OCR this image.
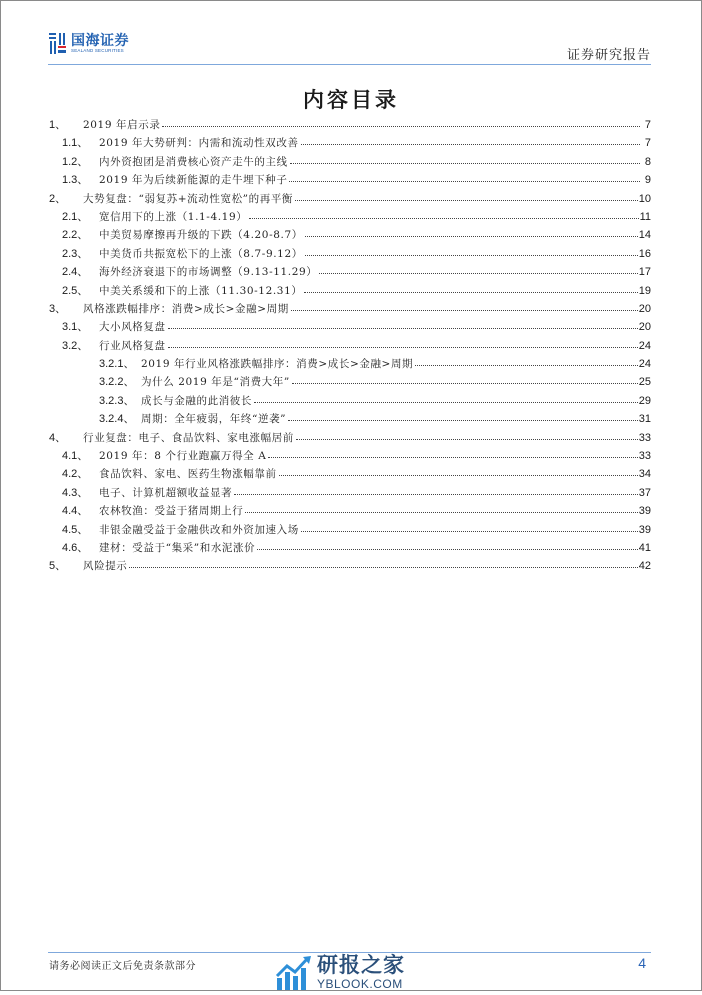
国海证券
SEALAND SECURITIES	证券研究报告
内容目录
1、	2019 年启示录	7
1.1、	2019 年大势研判：内需和流动性双改善	7
1.2、	内外资抱团是消费核心资产走牛的主线	8
1.3、	2019 年为后续新能源的走牛埋下种子	9
2、	大势复盘：“弱复苏+流动性宽松”的再平衡	10
2.1、	宽信用下的上涨（1.1-4.19）	11
2.2、	中美贸易摩擦再升级的下跌（4.20-8.7）	14
2.3、	中美货币共振宽松下的上涨（8.7-9.12）	16
2.4、	海外经济衰退下的市场调整（9.13-11.29）	17
2.5、	中美关系缓和下的上涨（11.30-12.31）	19
3、	风格涨跌幅排序：消费>成长>金融>周期	20
3.1、	大小风格复盘	20
3.2、	行业风格复盘	24
3.2.1、 2019 年行业风格涨跌幅排序：消费>成长>金融>周期	24
3.2.2、 为什么 2019 年是“消费大年”	25
3.2.3、 成长与金融的此消彼长	29
3.2.4、 周期：全年疲弱，年终“逆袭”	31
4、	行业复盘：电子、食品饮料、家电涨幅居前	33
4.1、	2019 年：8 个行业跑赢万得全 A	33
4.2、	食品饮料、家电、医药生物涨幅靠前	34
4.3、	电子、计算机超额收益显著	37
4.4、	农林牧渔：受益于猪周期上行	39
4.5、	非银金融受益于金融供改和外资加速入场	39
4.6、	建材：受益于“集采”和水泥涨价	41
5、	风险提示	42
请务必阅读正文后免责条款部分	研报之家
YBLOOK.COM
4
